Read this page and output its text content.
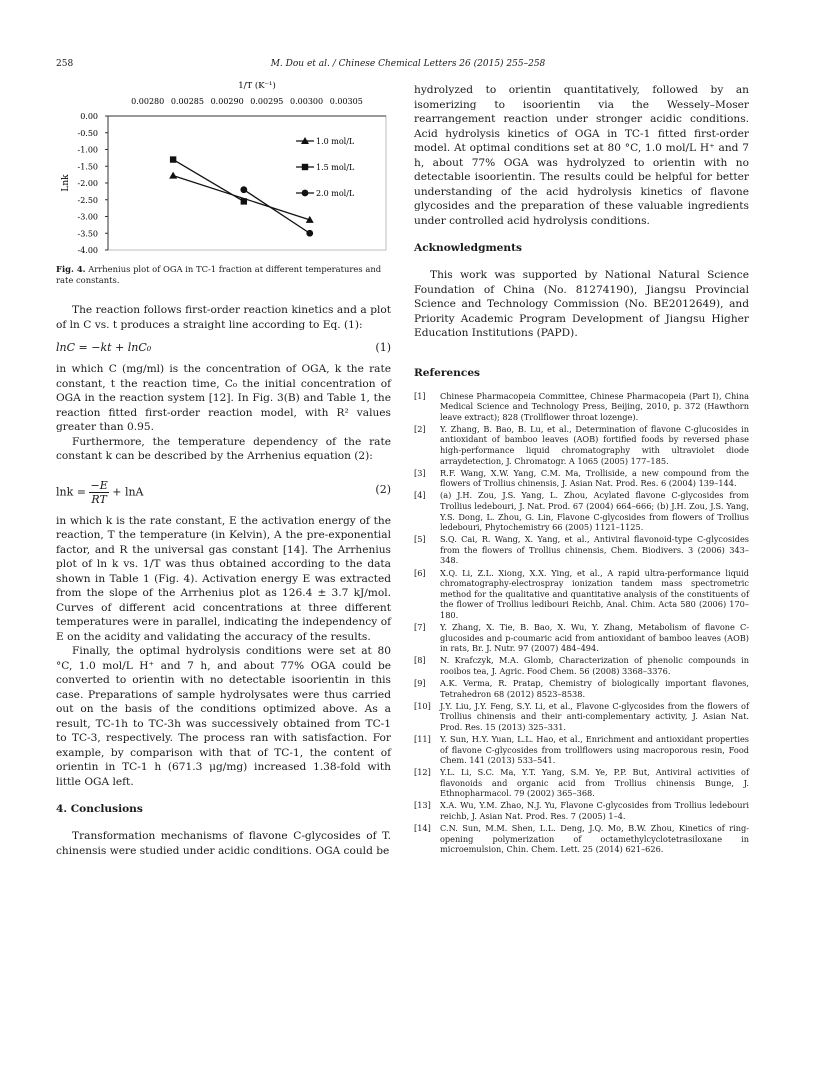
258	M. Dou et al. / Chinese Chemical Letters 26 (2015) 255–258
1/T (K⁻¹)
0.00280 0.00285 0.00290 0.00295 0.00300 0.00305
0.00
-0.50
-1.00
-1.50
-2.00
-2.50
-3.00
-3.50
-4.00
Lnk
1.0 mol/L
1.5 mol/L
2.0 mol/L
Fig. 4. Arrhenius plot of OGA in TC-1 fraction at different temperatures and rate constants.

The reaction follows first-order reaction kinetics and a plot of ln C vs. t produces a straight line according to Eq. (1):

lnC = −kt + lnC₀	(1)

in which C (mg/ml) is the concentration of OGA, k the rate constant, t the reaction time, C₀ the initial concentration of OGA in the reaction system [12]. In Fig. 3(B) and Table 1, the reaction fitted first-order reaction model, with R² values greater than 0.95.

Furthermore, the temperature dependency of the rate constant k can be described by the Arrhenius equation (2):

$\ln k = \frac{-E}{RT} + \ln A$	(2)

in which k is the rate constant, E the activation energy of the reaction, T the temperature (in Kelvin), A the pre-exponential factor, and R the universal gas constant [14]. The Arrhenius plot of ln k vs. 1/T was thus obtained according to the data shown in Table 1 (Fig. 4). Activation energy E was extracted from the slope of the Arrhenius plot as 126.4 ± 3.7 kJ/mol. Curves of different acid concentrations at three different temperatures were in parallel, indicating the independency of E on the acidity and validating the accuracy of the results.

Finally, the optimal hydrolysis conditions were set at 80 °C, 1.0 mol/L H⁺ and 7 h, and about 77% OGA could be converted to orientin with no detectable isoorientin in this case. Preparations of sample hydrolysates were thus carried out on the basis of the conditions optimized above. As a result, TC-1h to TC-3h was successively obtained from TC-1 to TC-3, respectively. The process ran with satisfaction. For example, by comparison with that of TC-1, the content of orientin in TC-1 h (671.3 μg/mg) increased 1.38-fold with little OGA left.

4. Conclusions

Transformation mechanisms of flavone C-glycosides of T. chinensis were studied under acidic conditions. OGA could be

hydrolyzed to orientin quantitatively, followed by an isomerizing to isoorientin via the Wessely–Moser rearrangement reaction under stronger acidic conditions. Acid hydrolysis kinetics of OGA in TC-1 fitted first-order model. At optimal conditions set at 80 °C, 1.0 mol/L H⁺ and 7 h, about 77% OGA was hydrolyzed to orientin with no detectable isoorientin. The results could be helpful for better understanding of the acid hydrolysis kinetics of flavone glycosides and the preparation of these valuable ingredients under controlled acid hydrolysis conditions.

Acknowledgments

This work was supported by National Natural Science Foundation of China (No. 81274190), Jiangsu Provincial Science and Technology Commission (No. BE2012649), and Priority Academic Program Development of Jiangsu Higher Education Institutions (PAPD).

References
[1] Chinese Pharmacopeia Committee, Chinese Pharmacopeia (Part I), China Medical Science and Technology Press, Beijing, 2010, p. 372 (Hawthorn leave extract); 828 (Trollflower throat lozenge).
[2] Y. Zhang, B. Bao, B. Lu, et al., Determination of flavone C-glucosides in antioxidant of bamboo leaves (AOB) fortified foods by reversed phase high-performance liquid chromatography with ultraviolet diode arraydetection, J. Chromatogr. A 1065 (2005) 177–185.
[3] R.F. Wang, X.W. Yang, C.M. Ma, Trolliside, a new compound from the flowers of Trollius chinensis, J. Asian Nat. Prod. Res. 6 (2004) 139–144.
[4] (a) J.H. Zou, J.S. Yang, L. Zhou, Acylated flavone C-glycosides from Trollius ledebouri, J. Nat. Prod. 67 (2004) 664–666; (b) J.H. Zou, J.S. Yang, Y.S. Dong, L. Zhou, G. Lin, Flavone C-glycosides from flowers of Trollius ledebouri, Phytochemistry 66 (2005) 1121–1125.
[5] S.Q. Cai, R. Wang, X. Yang, et al., Antiviral flavonoid-type C-glycosides from the flowers of Trollius chinensis, Chem. Biodivers. 3 (2006) 343–348.
[6] X.Q. Li, Z.L. Xiong, X.X. Ying, et al., A rapid ultra-performance liquid chromatography-electrospray ionization tandem mass spectrometric method for the qualitative and quantitative analysis of the constituents of the flower of Trollius ledibouri Reichb, Anal. Chim. Acta 580 (2006) 170–180.
[7] Y. Zhang, X. Tie, B. Bao, X. Wu, Y. Zhang, Metabolism of flavone C-glucosides and p-coumaric acid from antioxidant of bamboo leaves (AOB) in rats, Br. J. Nutr. 97 (2007) 484–494.
[8] N. Krafczyk, M.A. Glomb, Characterization of phenolic compounds in rooibos tea, J. Agric. Food Chem. 56 (2008) 3368–3376.
[9] A.K. Verma, R. Pratap, Chemistry of biologically important flavones, Tetrahedron 68 (2012) 8523–8538.
[10] J.Y. Liu, J.Y. Feng, S.Y. Li, et al., Flavone C-glycosides from the flowers of Trollius chinensis and their anti-complementary activity, J. Asian Nat. Prod. Res. 15 (2013) 325–331.
[11] Y. Sun, H.Y. Yuan, L.L. Hao, et al., Enrichment and antioxidant properties of flavone C-glycosides from trollflowers using macroporous resin, Food Chem. 141 (2013) 533–541.
[12] Y.L. Li, S.C. Ma, Y.T. Yang, S.M. Ye, P.P. But, Antiviral activities of flavonoids and organic acid from Trollius chinensis Bunge, J. Ethnopharmacol. 79 (2002) 365–368.
[13] X.A. Wu, Y.M. Zhao, N.J. Yu, Flavone C-glycosides from Trollius ledebouri reichb, J. Asian Nat. Prod. Res. 7 (2005) 1–4.
[14] C.N. Sun, M.M. Shen, L.L. Deng, J.Q. Mo, B.W. Zhou, Kinetics of ring-opening polymerization of octamethylcyclotetrasiloxane in microemulsion, Chin. Chem. Lett. 25 (2014) 621–626.
